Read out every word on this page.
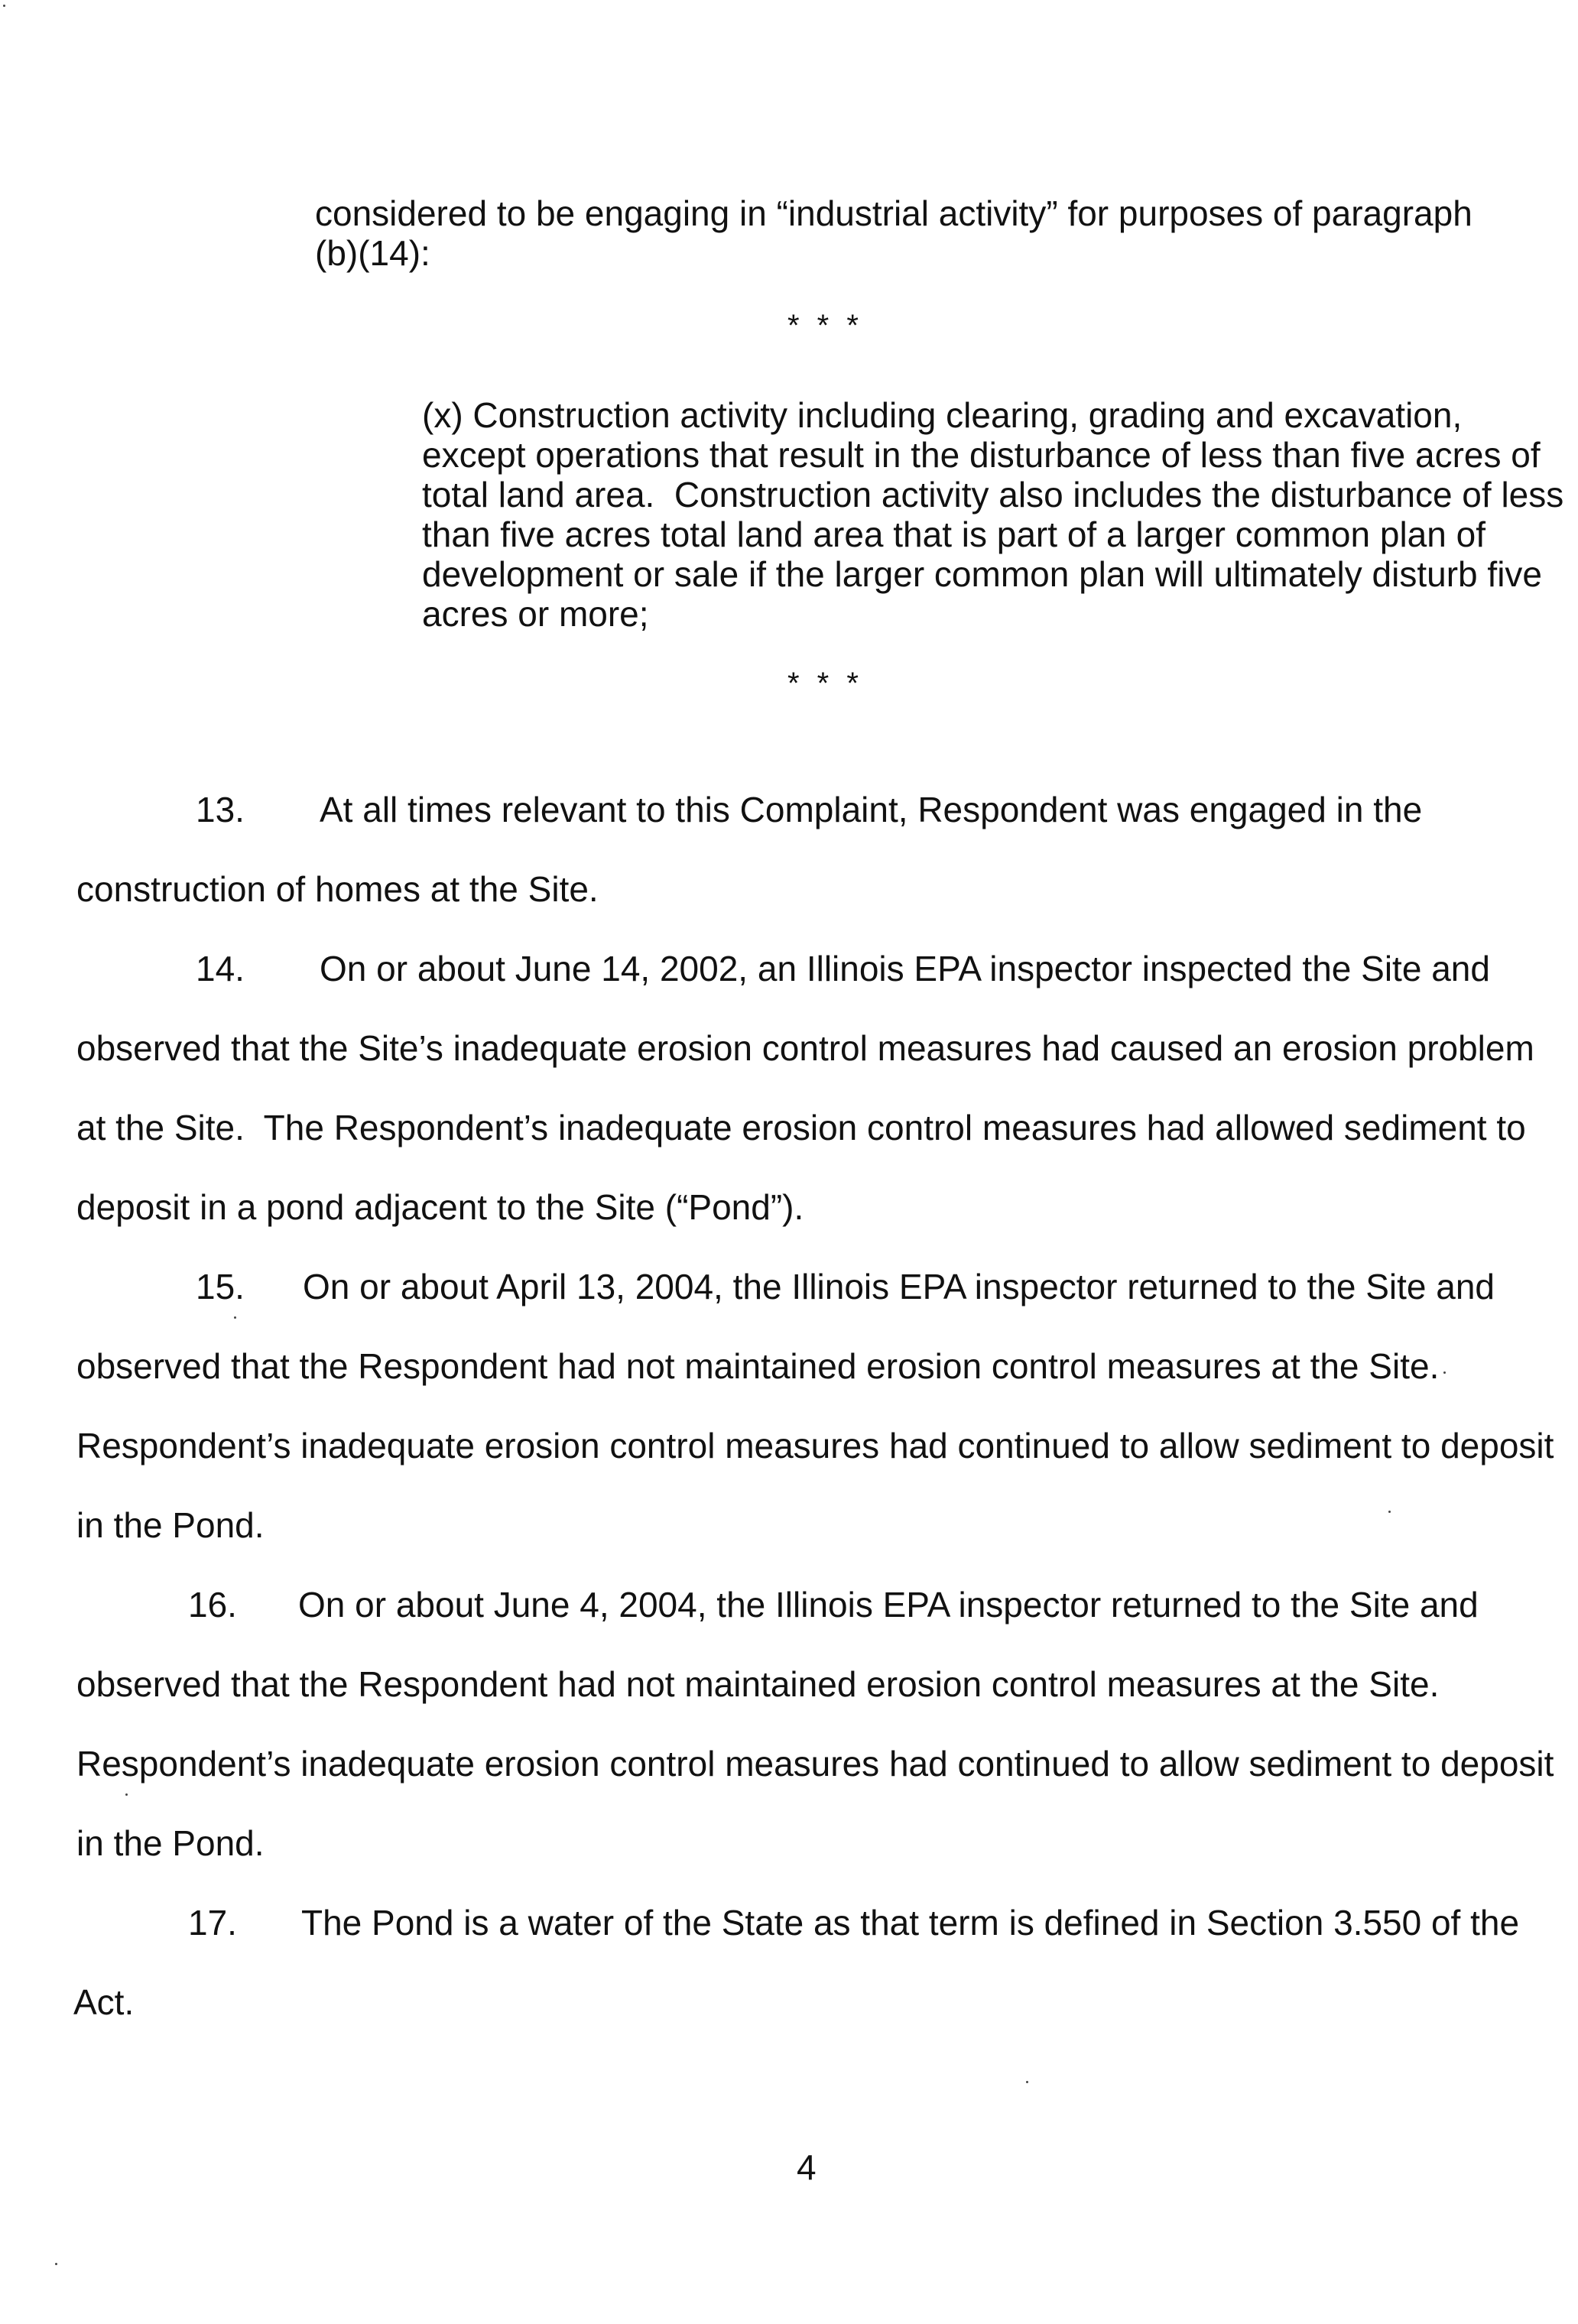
considered to be engaging in “industrial activity” for purposes of paragraph
(b)(14):
* * *
(x) Construction activity including clearing, grading and excavation,
except operations that result in the disturbance of less than five acres of
total land area.  Construction activity also includes the disturbance of less
than five acres total land area that is part of a larger common plan of
development or sale if the larger common plan will ultimately disturb five
acres or more;
* * *
13. At all times relevant to this Complaint, Respondent was engaged in the
construction of homes at the Site.
14. On or about June 14, 2002, an Illinois EPA inspector inspected the Site and
observed that the Site’s inadequate erosion control measures had caused an erosion problem
at the Site.  The Respondent’s inadequate erosion control measures had allowed sediment to
deposit in a pond adjacent to the Site (“Pond”).
15. On or about April 13, 2004, the Illinois EPA inspector returned to the Site and
observed that the Respondent had not maintained erosion control measures at the Site.
Respondent’s inadequate erosion control measures had continued to allow sediment to deposit
in the Pond.
16. On or about June 4, 2004, the Illinois EPA inspector returned to the Site and
observed that the Respondent had not maintained erosion control measures at the Site.
Respondent’s inadequate erosion control measures had continued to allow sediment to deposit
in the Pond.
17. The Pond is a water of the State as that term is defined in Section 3.550 of the
Act.
4
